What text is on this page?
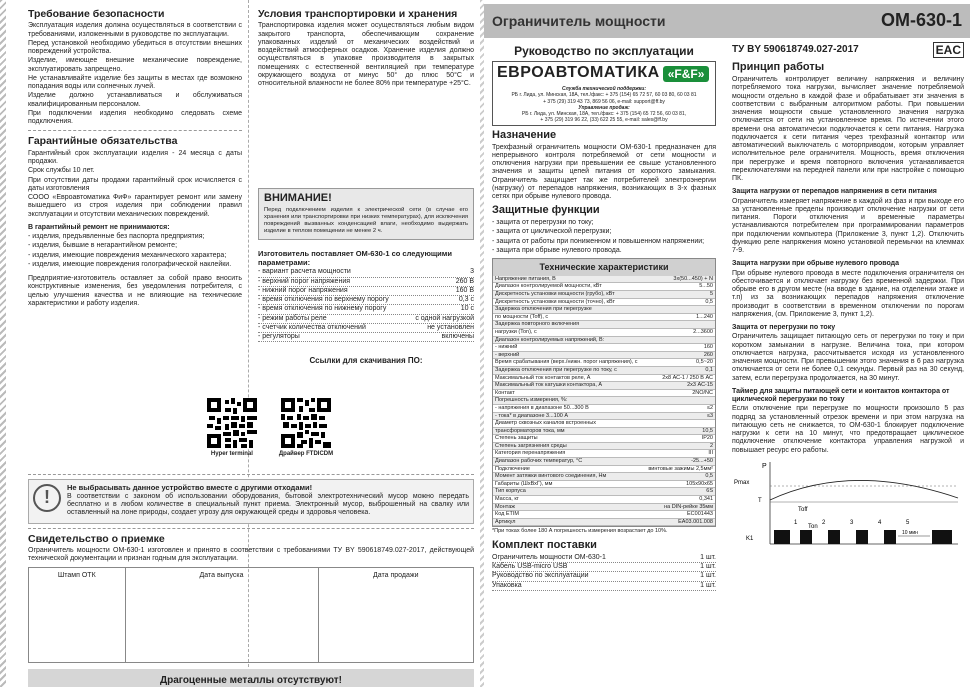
Требование безопасности

Эксплуатация изделия должна осуществляться в соответствии с требованиями, изложенными в руководстве по эксплуатации.

Перед установкой необходимо убедиться в отсутствии внешних повреждений устройства.

Изделие, имеющее внешние механические повреждение, эксплуатировать запрещено.

Не устанавливайте изделие без защиты в местах где возможно попадания воды или солнечных лучей.

Изделие должно устанавливаться и обслуживаться квалифицированным персоналом.

При подключении изделия необходимо следовать схеме подключения.

Гарантийные обязательства

Гарантийный срок эксплуатации изделия - 24 месяца с даты продажи.

Срок службы 10 лет.

При отсутствии даты продажи гарантийный срок исчисляется с даты изготовления

СООО «Евроавтоматика ФиФ» гарантирует ремонт или замену вышедшего из строя изделия при соблюдении правил эксплуатации и отсутствии механических повреждений.

В гарантийный ремонт не принимаются:

- изделия, предъявленные без паспорта предприятия;

- изделия, бывшие в негарантийном ремонте;

- изделия, имеющие повреждения механического характера;

- изделия, имеющие повреждения голографической наклейки.

Предприятие-изготовитель оставляет за собой право вносить конструктивные изменения, без уведомления потребителя, с целью улучшения качества и не влияющие на технические характеристики и работу изделия.

Условия транспортировки и хранения

Транспортировка изделия может осуществляться любым видом закрытого транспорта, обеспечивающим сохранение упакованных изделий от механических воздействий и воздействий атмосферных осадков. Хранение изделия должно осуществляться в упаковке производителя в закрытых помещениях с естественной вентиляцией при температуре окружающего воздуха от минус 50° до плюс 50°С и относительной влажности не более 80% при температуре +25°С.

ВНИМАНИЕ!

Перед подключением изделия к электрической сети (в случае его хранения или транспортировки при низких температурах), для исключения повреждений вызванных конденсацией влаги, необходимо выдержать изделие в теплом помещении не менее 2 ч.

Изготовитель поставляет ОМ-630-1 со следующими параметрами:
- вариант расчета мощности	3
- верхний порог напряжения	260 В
- нижний порог напряжения	160 В
- время отключения по верхнему порогу	0,3 с
- время отключения по нижнему порогу	10 с
- режим работы реле	с одной нагрузкой
- счетчик количества отключений	не установлен
- регуляторы	включены
Ссылки для скачивания ПО:
Hyper terminal	Драйвер FTDICDM
!	Не выбрасывать данное устройство вместе с другими отходами!

В соответствии с законом об использовании оборудования, бытовой электротехнический мусор можно передать бесплатно и в любом количестве в специальный пункт приема. Электронный мусор, выброшенный на свалку или оставленный на лоне природы, создает угрозу для окружающей среды и здоровья человека.

Свидетельство о приемке

Ограничитель мощности ОМ-630-1 изготовлен и принято в соответствии с требованиями ТУ BY 590618749.027-2017, действующей технической документации и признан годным для эксплуатации.

Штамп ОТК	Дата выпуска	Дата продажи
Драгоценные металлы отсутствуют!
Ограничитель мощности
Руководство по эксплуатации
ЕВРОАВТОМАТИКА «F&F»
Служба технической поддержки:
РБ г. Лида, ул. Минская, 18А, тел./факс: + 375 (154) 65 72 57, 60 03 80, 60 03 81
+ 375 (29) 319 43 73, 869 56 06, e-mail: support@ff.by
Управление продаж:
РБ г. Лида, ул. Минская, 18А, тел./факс: + 375 (154) 65 72 56, 60 03 81,
+ 375 (29) 319 96 22, (33) 622 25 55, e-mail: sales@ff.by
Назначение

Трехфазный ограничитель мощности ОМ-630-1 предназначен для непрерывного контроля потребляемой от сети мощности и отключения нагрузки при превышении ее свыше установленного значения и защиты цепей питания от короткого замыкания. Ограничитель защищает так же потребителей электроэнергии (нагрузку) от перепадов напряжения, возникающих в 3-х фазных сетях при обрыве нулевого провода.

Защитные функции

- защита от перегрузки по току;

- защита от циклической перегрузки;

- защита от работы при пониженном и повышенном напряжении;

- защита при обрыве нулевого провода.

Технические характеристики
Напряжение питания, В	3x(50...450) + N
Диапазон контролируемой мощности, кВт	5...50
Дискретность установки мощности (грубо), кВт	5
Дискретность установки мощности (точно), кВт	0,5
Задержка отключения при перегрузке
по мощности (Toff), с	1...240
Задержка повторного включения
нагрузки (Ton), с	2...3600
Диапазон контролируемых напряжений, В:
- нижний	160
- верхний	260
Время срабатывания (верх./нижн. порог напряжения), с	0,5~20
Задержка отключения при перегрузке по току, с	0,1
Максимальный ток контактов реле, А	2х8 АС-1 / 250 В АС
Максимальный ток катушки контактора, А	2х3 АС-15
Контакт	2NO/NC
Погрешность измерения, %:
- напряжения в диапазоне 50...300 В	≤2
- тока* в диапазоне 3...100 А	≤3
Диаметр сквозных каналов встроенных
трансформаторов тока, мм	10,5
Степень защиты	IP20
Степень загрязнения среды	2
Категория перенапряжения	III
Диапазон рабочих температур, °С	-25...+50
Подключение	винтовые зажимы 2,5мм²
Момент затяжки винтового соединения, Нм	0,5
Габариты (ШхВхГ), мм	105х90х65
Тип корпуса	6S
Масса, кг	0,341
Монтаж	на DIN-рейке 35мм
Код ЕТІМ	EC001443
Артикул	EA03.001.008

*При токах более 180 А погрешность измерения возрастает до 10%.

Комплект поставки
Ограничитель мощности ОМ-630-1	1 шт.
Кабель USB-micro USB	1 шт.
Руководство по эксплуатации	1 шт.
Упаковка	1 шт.
ОМ-630-1
ТУ BY 590618749.027-2017	EAC
Принцип работы

Ограничитель контролирует величину напряжения и величину потребляемого тока нагрузки, вычисляет значение потребляемой мощности отдельно в каждой фазе и обрабатывает эти значения в соответствии с выбранным алгоритмом работы. При повышении значения мощности свыше установленного значения нагрузка отключается от сети на установленное время. По истечении этого времени она автоматически подключается к сети питания. Нагрузка подключается к сети питания через трехфазный контактор или автоматический выключатель с моторприводом, которым управляет исполнительное реле ограничителя. Мощность, время отключения при перегрузке и время повторного включения устанавливается переключателями на передней панели или при настройке с помощью ПК.

Защита нагрузки от перепадов напряжения в сети питания

Ограничитель измеряет напряжение в каждой из фаз и при выходе его за установленные пределы производит отключение нагрузки от сети питания. Пороги отключения и временные параметры устанавливаются потребителем при программировании параметров при подключении компьютера (Приложение 3, пункт 1,2). Отключить функцию реле напряжения можно установкой перемычки на клеммах 7-9.

Защита нагрузки при обрыве нулевого провода

При обрыве нулевого провода в месте подключения ограничителя он обесточивается и отключает нагрузку без временной задержки. При обрыве его в другом месте (на вводе в здание, на отделении этаже и т.п) из за возникающих перепадов напряжения отключение производит в соответствии в временном отключении по порогам напряжения, (см. Приложение 3, пункт 1,2).

Защита от перегрузки по току

Ограничитель защищает питающую сеть от перегрузки по току и при коротком замыкании в нагрузке. Величина тока, при котором отключается нагрузка, рассчитывается исходя из установленного значения мощности. При превышении этого значения в 6 раз нагрузка отключается от сети не более 0,1 секунды. Первый раз на 30 секунд, затем, если перегрузка продолжается, на 30 минут.

Таймер для защиты питающей сети и контактов контактора от циклической перегрузки по току

Если отключение при перегрузке по мощности произошло 5 раз подряд за установленный отрезок времени и при этом нагрузка на питающую сеть не снижается, то ОМ-630-1 блокирует подключение нагрузки к сети на 10 минут, что предотвращает циклическое подключение отключение контактора управления нагрузкой и повышает ресурс его работы.

P
Pmax
T
Toff
Ton
K1
1	2	3	4	5
10 мин
